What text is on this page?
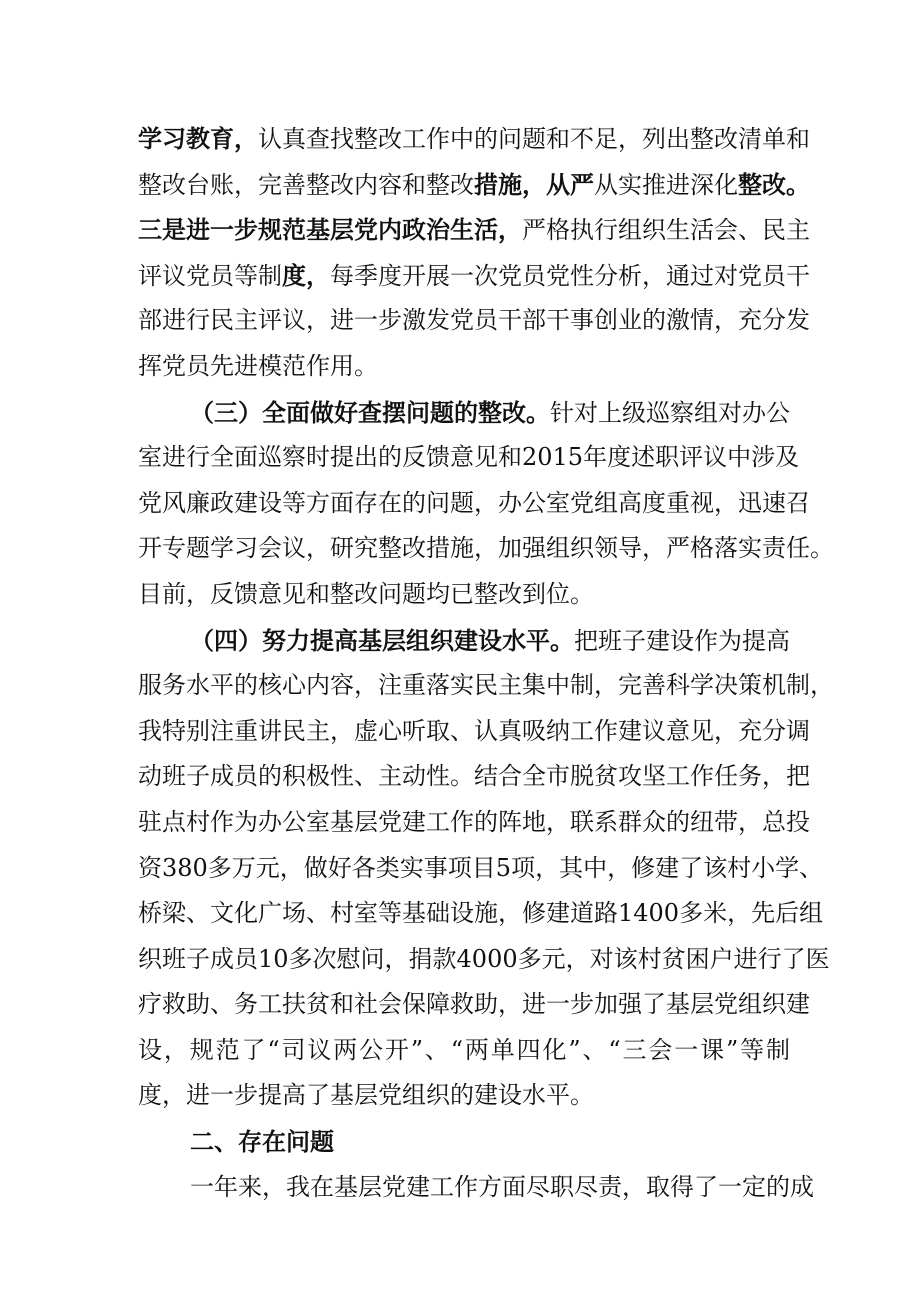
学习教育，认真查找整改工作中的问题和不足，列出整改清单和
整改台账，完善整改内容和整改措施，从严从实推进深化整改。
三是进一步规范基层党内政治生活，严格执行组织生活会、民主
评议党员等制度，每季度开展一次党员党性分析，通过对党员干
部进行民主评议，进一步激发党员干部干事创业的激情，充分发
挥党员先进模范作用。
（三）全面做好查摆问题的整改。针对上级巡察组对办公
室进行全面巡察时提出的反馈意见和2015年度述职评议中涉及
党风廉政建设等方面存在的问题，办公室党组高度重视，迅速召
开专题学习会议，研究整改措施，加强组织领导，严格落实责任。
目前，反馈意见和整改问题均已整改到位。
（四）努力提高基层组织建设水平。把班子建设作为提高
服务水平的核心内容，注重落实民主集中制，完善科学决策机制，
我特别注重讲民主，虚心听取、认真吸纳工作建议意见，充分调
动班子成员的积极性、主动性。结合全市脱贫攻坚工作任务，把
驻点村作为办公室基层党建工作的阵地，联系群众的纽带，总投
资380多万元，做好各类实事项目5项，其中，修建了该村小学、
桥梁、文化广场、村室等基础设施，修建道路1400多米，先后组
织班子成员10多次慰问，捐款4000多元，对该村贫困户进行了医
疗救助、务工扶贫和社会保障救助，进一步加强了基层党组织建
设，规范了“司议两公开”、“两单四化”、“三会一课”等制
度，进一步提高了基层党组织的建设水平。
二、存在问题
一年来，我在基层党建工作方面尽职尽责，取得了一定的成
